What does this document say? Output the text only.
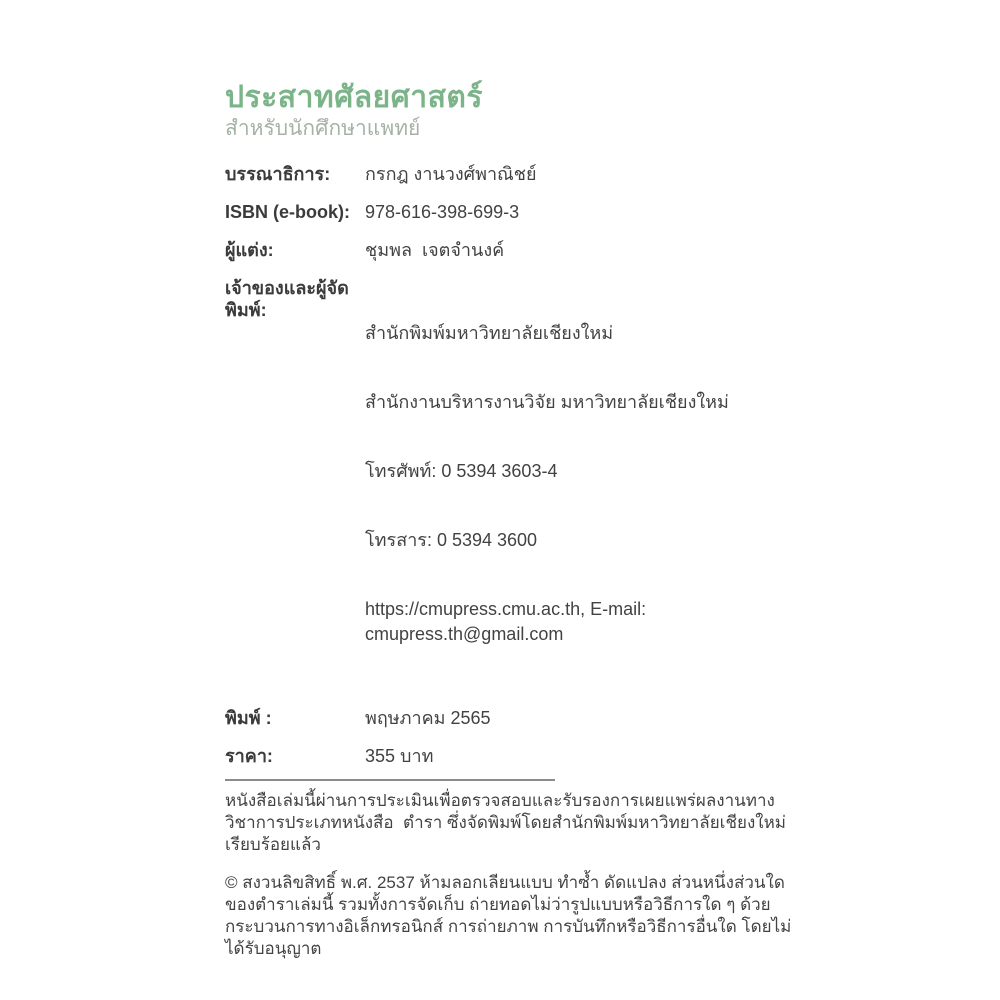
ประสาทศัลยศาสตร์
สำหรับนักศึกษาแพทย์
บรรณาธิการ:	กรกฎ งานวงศ์พาณิชย์
ISBN (e-book): 978-616-398-699-3
ผู้แต่ง:	ชุมพล  เจตจำนงค์
เจ้าของและผู้จัดพิมพ์:

สำนักพิมพ์มหาวิทยาลัยเชียงใหม่

สำนักงานบริหารงานวิจัย มหาวิทยาลัยเชียงใหม่

โทรศัพท์: 0 5394 3603-4

โทรสาร: 0 5394 3600

https://cmupress.cmu.ac.th, E-mail: cmupress.th@gmail.com

พิมพ์ :	พฤษภาคม 2565
ราคา:	355 บาท

หนังสือเล่มนี้ผ่านการประเมินเพื่อตรวจสอบและรับรองการเผยแพร่ผลงานทางวิชาการประเภทหนังสือ  ตำรา ซึ่งจัดพิมพ์โดยสำนักพิมพ์มหาวิทยาลัยเชียงใหม่เรียบร้อยแล้ว

© สงวนลิขสิทธิ์ พ.ศ. 2537 ห้ามลอกเลียนแบบ ทำซ้ำ ดัดแปลง ส่วนหนึ่งส่วนใดของตำราเล่มนี้ รวมทั้งการจัดเก็บ ถ่ายทอดไม่ว่ารูปแบบหรือวิธีการใด ๆ ด้วยกระบวนการทางอิเล็กทรอนิกส์ การถ่ายภาพ การบันทึกหรือวิธีการอื่นใด โดยไม่ได้รับอนุญาต
